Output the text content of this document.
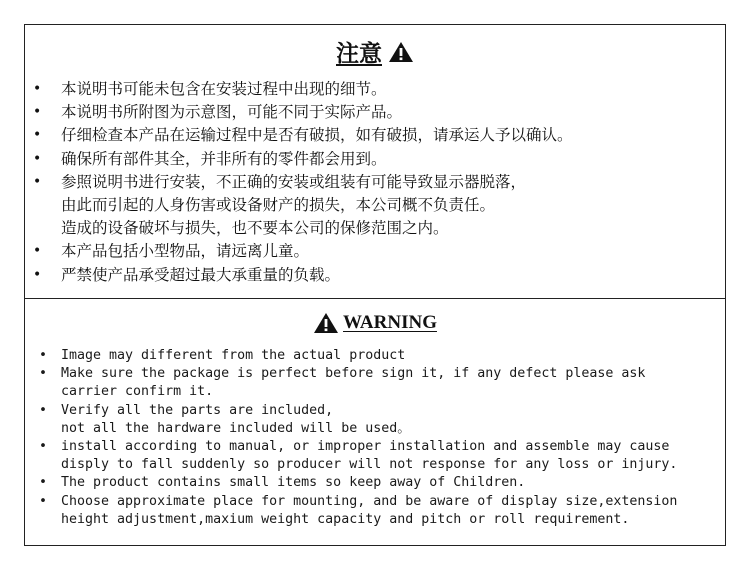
注意
• 本说明书可能未包含在安装过程中出现的细节。
• 本说明书所附图为示意图，可能不同于实际产品。
• 仔细检查本产品在运输过程中是否有破损，如有破损，请承运人予以确认。
• 确保所有部件其全，并非所有的零件都会用到。
• 参照说明书进行安装，不正确的安装或组装有可能导致显示器脱落，
由此而引起的人身伤害或设备财产的损失，本公司概不负责任。
造成的设备破坏与损失，也不要本公司的保修范围之内。
• 本产品包括小型物品，请远离儿童。
• 严禁使产品承受超过最大承重量的负载。
WARNING
• Image may different from the actual product
• Make sure the package is perfect before sign it, if any defect please ask
carrier confirm it.
• Verify all the parts are included,
not all the hardware included will be used。
• install according to manual, or improper installation and assemble may cause
disply to fall suddenly so producer will not response for any loss or injury.
• The product contains small items so keep away of Children.
• Choose approximate place for mounting, and be aware of display size,extension
height adjustment,maxium weight capacity and pitch or roll requirement.
